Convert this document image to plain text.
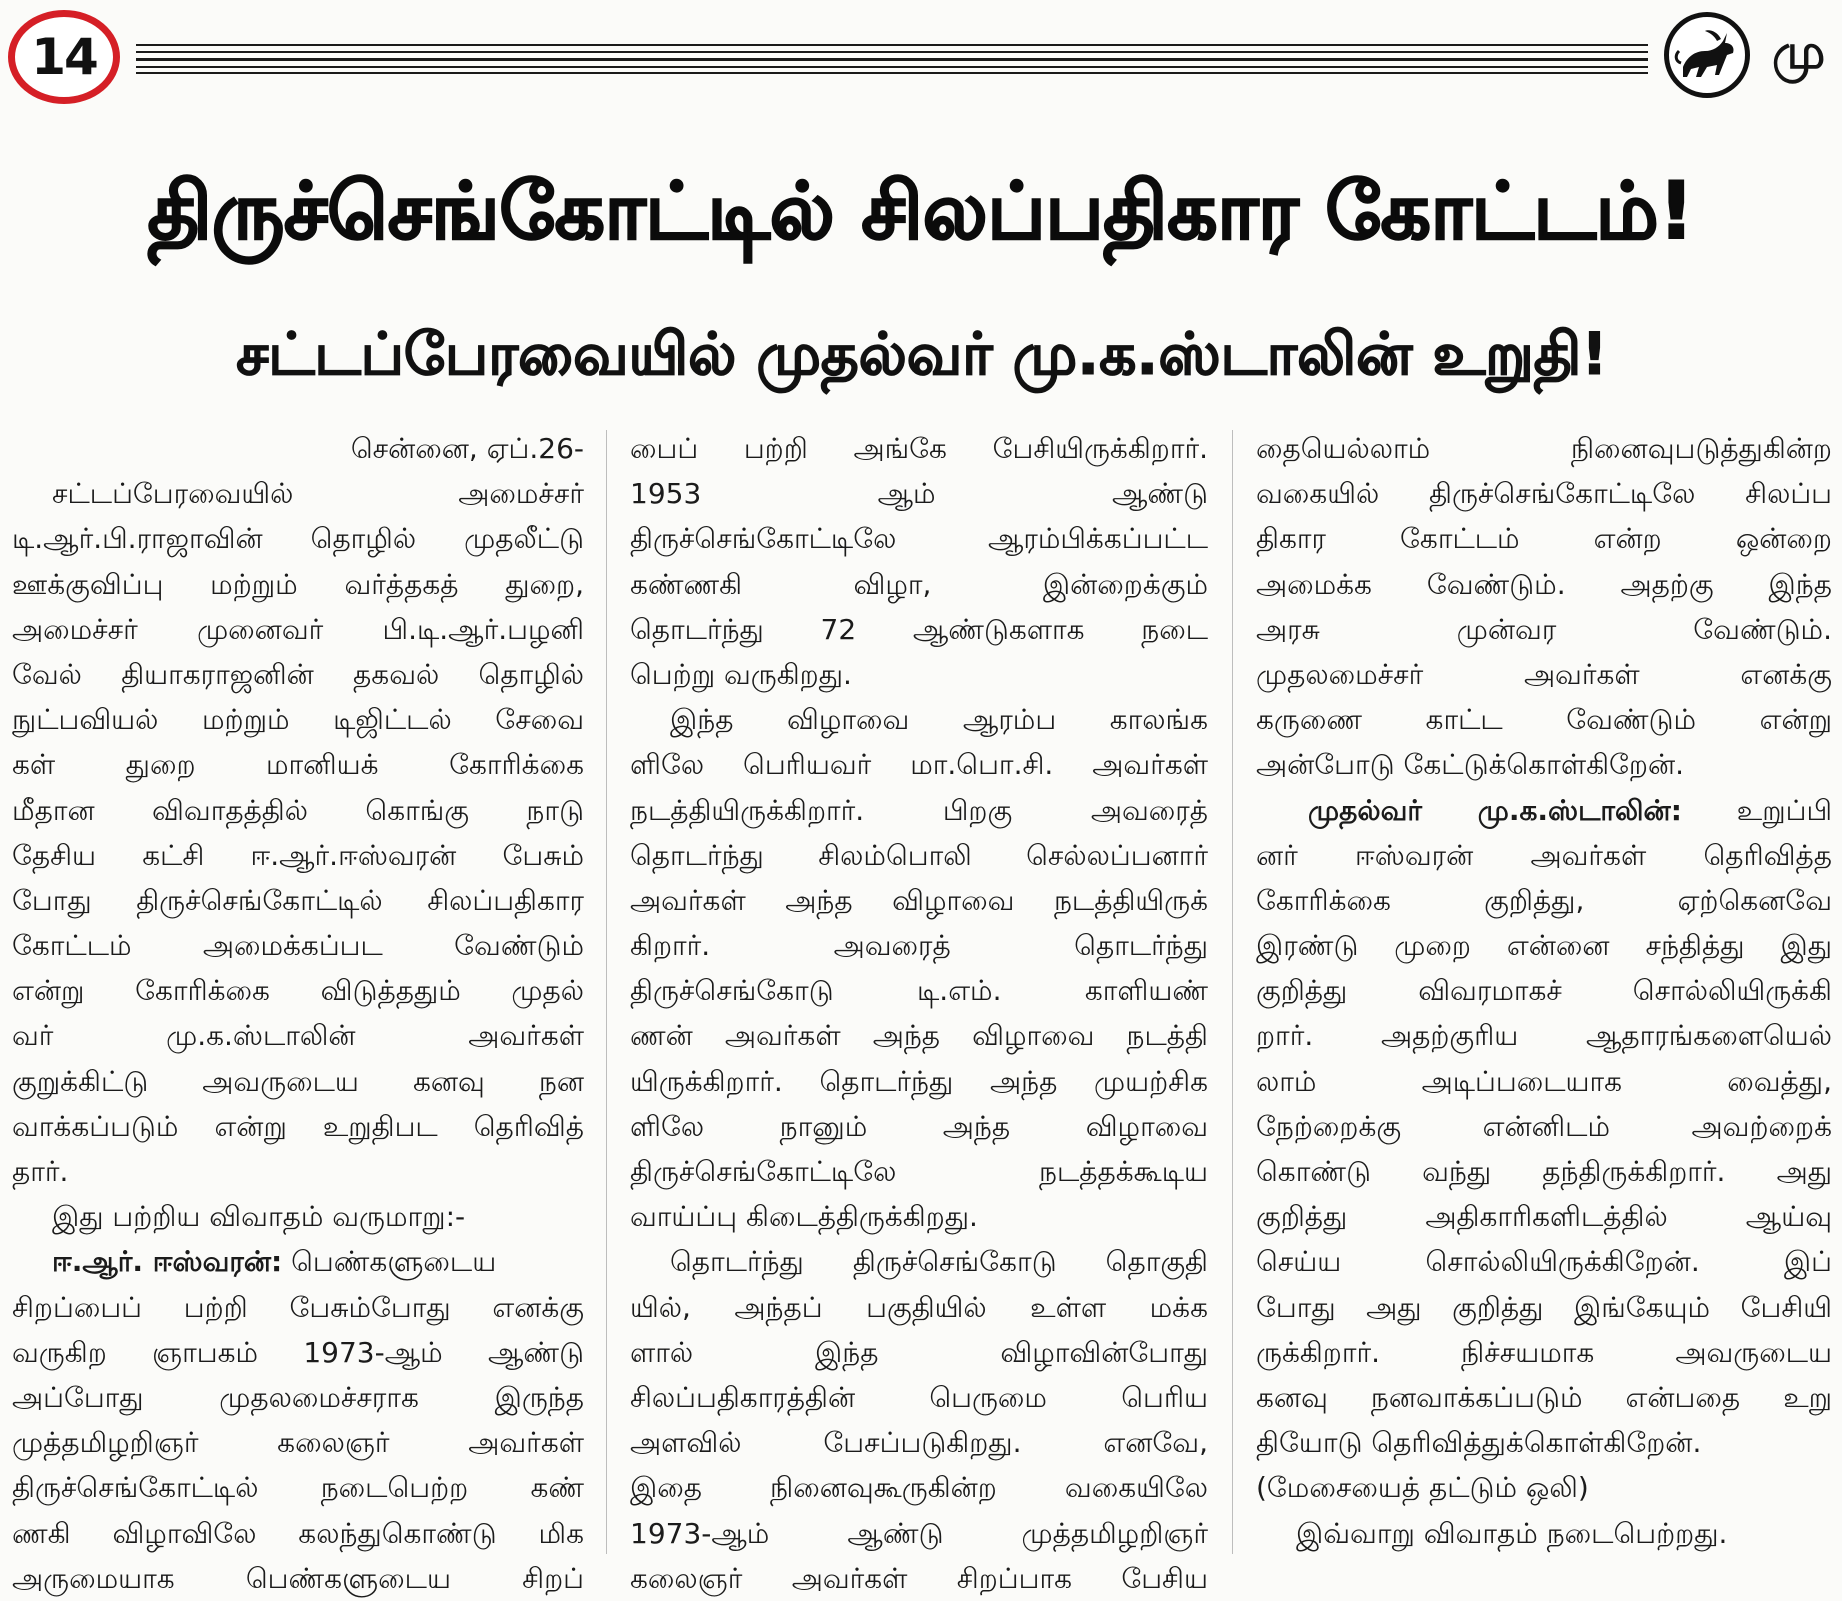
14	மு
திருச்செங்கோட்டில் சிலப்பதிகார கோட்டம்!
சட்டப்பேரவையில் முதல்வர் மு.க.ஸ்டாலின் உறுதி!
சென்னை, ஏப்.26-
சட்டப்பேரவையில் அமைச்சர்
டி.ஆர்.பி.ராஜாவின் தொழில் முதலீட்டு
ஊக்குவிப்பு மற்றும் வர்த்தகத் துறை,
அமைச்சர் முனைவர் பி.டி.ஆர்.பழனி
வேல் தியாகராஜனின் தகவல் தொழில்
நுட்பவியல் மற்றும் டிஜிட்டல் சேவை
கள் துறை மானியக் கோரிக்கை
மீதான விவாதத்தில் கொங்கு நாடு
தேசிய கட்சி ஈ.ஆர்.ஈஸ்வரன் பேசும்
போது திருச்செங்கோட்டில் சிலப்பதிகார
கோட்டம் அமைக்கப்பட வேண்டும்
என்று கோரிக்கை விடுத்ததும் முதல்
வர் மு.க.ஸ்டாலின் அவர்கள்
குறுக்கிட்டு அவருடைய கனவு நன
வாக்கப்படும் என்று உறுதிபட தெரிவித்
தார்.
இது பற்றிய விவாதம் வருமாறு:-
ஈ.ஆர். ஈஸ்வரன்: பெண்களுடைய
சிறப்பைப் பற்றி பேசும்போது எனக்கு
வருகிற ஞாபகம் 1973-ஆம் ஆண்டு
அப்போது முதலமைச்சராக இருந்த
முத்தமிழறிஞர் கலைஞர் அவர்கள்
திருச்செங்கோட்டில் நடைபெற்ற கண்
ணகி விழாவிலே கலந்துகொண்டு மிக
அருமையாக பெண்களுடைய சிறப்
பைப் பற்றி அங்கே பேசியிருக்கிறார்.
1953 ஆம் ஆண்டு
திருச்செங்கோட்டிலே ஆரம்பிக்கப்பட்ட
கண்ணகி விழா, இன்றைக்கும்
தொடர்ந்து 72 ஆண்டுகளாக நடை
பெற்று வருகிறது.
இந்த விழாவை ஆரம்ப காலங்க
ளிலே பெரியவர் மா.பொ.சி. அவர்கள்
நடத்தியிருக்கிறார். பிறகு அவரைத்
தொடர்ந்து சிலம்பொலி செல்லப்பனார்
அவர்கள் அந்த விழாவை நடத்தியிருக்
கிறார். அவரைத் தொடர்ந்து
திருச்செங்கோடு டி.எம். காளியண்
ணன் அவர்கள் அந்த விழாவை நடத்தி
யிருக்கிறார். தொடர்ந்து அந்த முயற்சிக
ளிலே நானும் அந்த விழாவை
திருச்செங்கோட்டிலே நடத்தக்கூடிய
வாய்ப்பு கிடைத்திருக்கிறது.
தொடர்ந்து திருச்செங்கோடு தொகுதி
யில், அந்தப் பகுதியில் உள்ள மக்க
ளால் இந்த விழாவின்போது
சிலப்பதிகாரத்தின் பெருமை பெரிய
அளவில் பேசப்படுகிறது. எனவே,
இதை நினைவுகூருகின்ற வகையிலே
1973-ஆம் ஆண்டு முத்தமிழறிஞர்
கலைஞர் அவர்கள் சிறப்பாக பேசிய
தையெல்லாம் நினைவுபடுத்துகின்ற
வகையில் திருச்செங்கோட்டிலே சிலப்ப
திகார கோட்டம் என்ற ஒன்றை
அமைக்க வேண்டும். அதற்கு இந்த
அரசு முன்வர வேண்டும்.
முதலமைச்சர் அவர்கள் எனக்கு
கருணை காட்ட வேண்டும் என்று
அன்போடு கேட்டுக்கொள்கிறேன்.
முதல்வர் மு.க.ஸ்டாலின்: உறுப்பி
னர் ஈஸ்வரன் அவர்கள் தெரிவித்த
கோரிக்கை குறித்து, ஏற்கெனவே
இரண்டு முறை என்னை சந்தித்து இது
குறித்து விவரமாகச் சொல்லியிருக்கி
றார். அதற்குரிய ஆதாரங்களையெல்
லாம் அடிப்படையாக வைத்து,
நேற்றைக்கு என்னிடம் அவற்றைக்
கொண்டு வந்து தந்திருக்கிறார். அது
குறித்து அதிகாரிகளிடத்தில் ஆய்வு
செய்ய சொல்லியிருக்கிறேன். இப்
போது அது குறித்து இங்கேயும் பேசியி
ருக்கிறார். நிச்சயமாக அவருடைய
கனவு நனவாக்கப்படும் என்பதை உறு
தியோடு தெரிவித்துக்கொள்கிறேன்.
(மேசையைத் தட்டும் ஒலி)
இவ்வாறு விவாதம் நடைபெற்றது.
